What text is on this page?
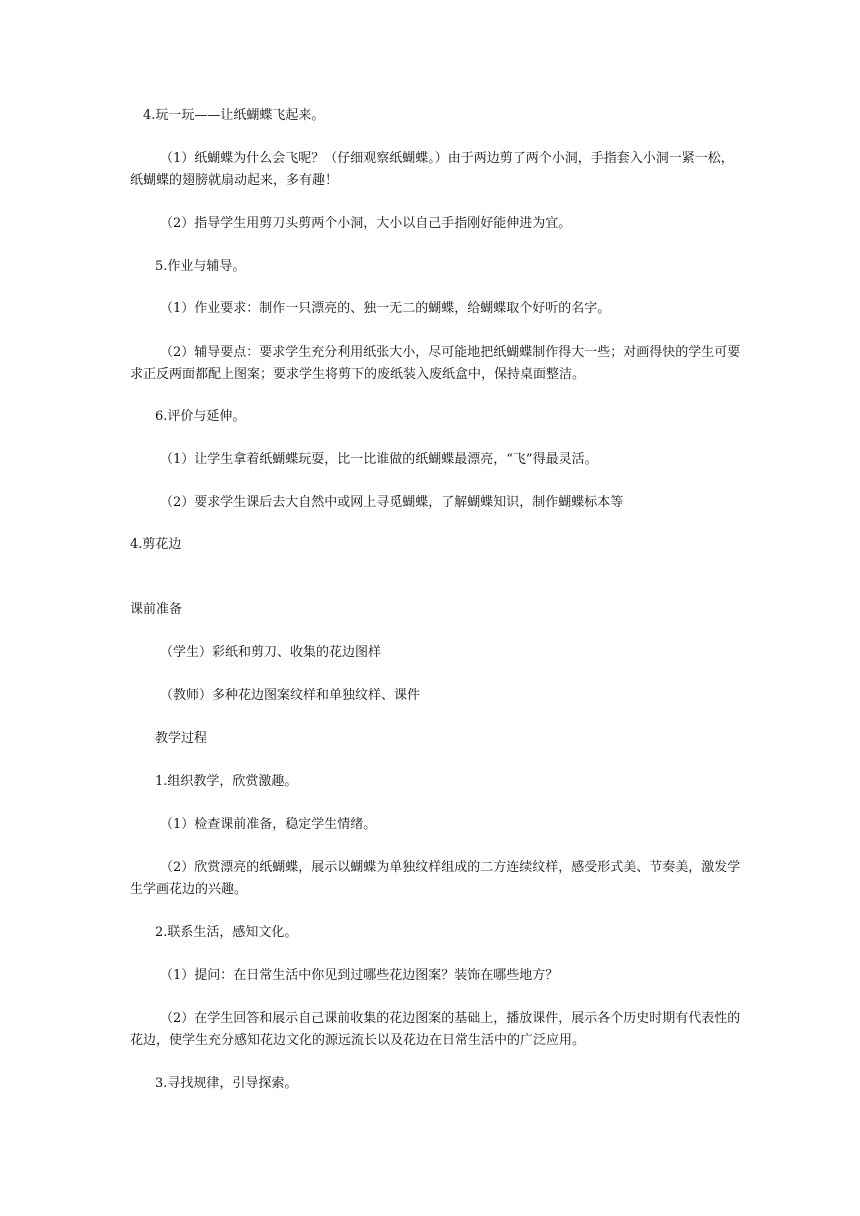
4.玩一玩——让纸蝴蝶飞起来。
（1）纸蝴蝶为什么会飞呢？（仔细观察纸蝴蝶。）由于两边剪了两个小洞，手指套入小洞一紧一松，
纸蝴蝶的翅膀就扇动起来，多有趣！
（2）指导学生用剪刀头剪两个小洞，大小以自己手指刚好能伸进为宜。
5.作业与辅导。
（1）作业要求：制作一只漂亮的、独一无二的蝴蝶，给蝴蝶取个好听的名字。
（2）辅导要点：要求学生充分利用纸张大小，尽可能地把纸蝴蝶制作得大一些；对画得快的学生可要
求正反两面都配上图案；要求学生将剪下的废纸装入废纸盒中，保持桌面整洁。
6.评价与延伸。
（1）让学生拿着纸蝴蝶玩耍，比一比谁做的纸蝴蝶最漂亮，“飞”得最灵活。
（2）要求学生课后去大自然中或网上寻觅蝴蝶，了解蝴蝶知识，制作蝴蝶标本等
4.剪花边
课前准备
（学生）彩纸和剪刀、收集的花边图样
（教师）多种花边图案纹样和单独纹样、课件
教学过程
1.组织教学，欣赏激趣。
（1）检查课前准备，稳定学生情绪。
（2）欣赏漂亮的纸蝴蝶，展示以蝴蝶为单独纹样组成的二方连续纹样，感受形式美、节奏美，激发学
生学画花边的兴趣。
2.联系生活，感知文化。
（1）提问：在日常生活中你见到过哪些花边图案？装饰在哪些地方？
（2）在学生回答和展示自己课前收集的花边图案的基础上，播放课件，展示各个历史时期有代表性的
花边，使学生充分感知花边文化的源远流长以及花边在日常生活中的广泛应用。
3.寻找规律，引导探索。
